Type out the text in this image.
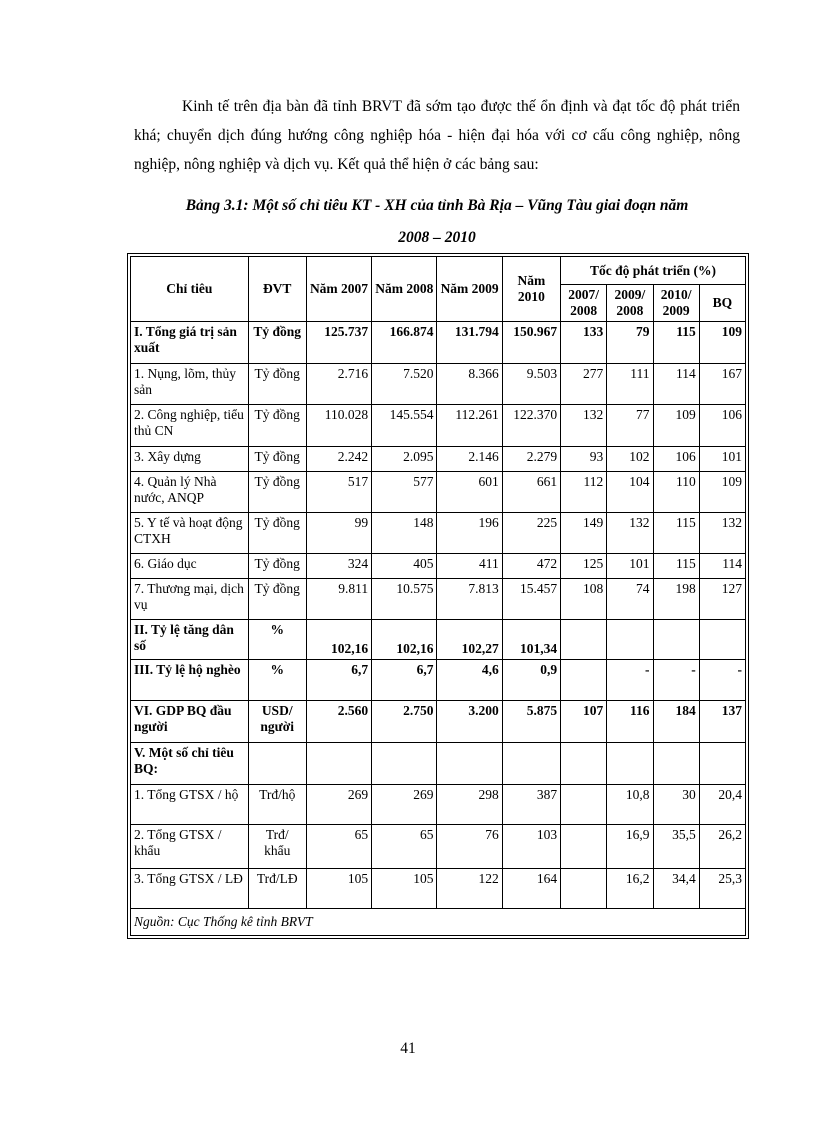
Kinh tế trên địa bàn đã tỉnh BRVT đã sớm tạo được thế ổn định và đạt tốc độ phát triển khá; chuyển dịch đúng hướng công nghiệp hóa - hiện đại hóa với cơ cấu công nghiệp, nông nghiệp, nông nghiệp và dịch vụ. Kết quả thể hiện ở các bảng sau:

Bảng 3.1: Một số chỉ tiêu KT - XH của tỉnh Bà Rịa – Vũng Tàu giai đoạn năm
2008 – 2010
Chỉ tiêu	ĐVT	Năm 2007	Năm 2008	Năm 2009	Năm 2010	Tốc độ phát triển (%)			
						2007/ 2008	2009/ 2008	2010/ 2009	BQ
I. Tổng giá trị sản xuất	Tỷ đồng	125.737	166.874	131.794	150.967	133	79	115	109
1. Nụng, lõm, thủy sản	Tỷ đồng	2.716	7.520	8.366	9.503	277	111	114	167
2. Công nghiệp, tiểu thủ CN	Tỷ đồng	110.028	145.554	112.261	122.370	132	77	109	106
3. Xây dựng	Tỷ đồng	2.242	2.095	2.146	2.279	93	102	106	101
4. Quản lý Nhà nước, ANQP	Tỷ đồng	517	577	601	661	112	104	110	109
5. Y tế và hoạt động CTXH	Tỷ đồng	99	148	196	225	149	132	115	132
6. Giáo dục	Tỷ đồng	324	405	411	472	125	101	115	114
7. Thương mại, dịch vụ	Tỷ đồng	9.811	10.575	7.813	15.457	108	74	198	127
II. Tỷ lệ tăng dân số	%	102,16	102,16	102,27	101,34				
III. Tỷ lệ hộ nghèo	%	6,7	6,7	4,6	0,9		-	-	-
VI. GDP BQ đầu người	USD/ người	2.560	2.750	3.200	5.875	107	116	184	137
V. Một số chỉ tiêu BQ:									
1. Tổng GTSX / hộ	Trđ/hộ	269	269	298	387		10,8	30	20,4
2. Tổng GTSX / khẩu	Trđ/ khẩu	65	65	76	103		16,9	35,5	26,2
3. Tổng GTSX / LĐ	Trđ/LĐ	105	105	122	164		16,2	34,4	25,3
Nguồn: Cục Thống kê tỉnh BRVT									
41
